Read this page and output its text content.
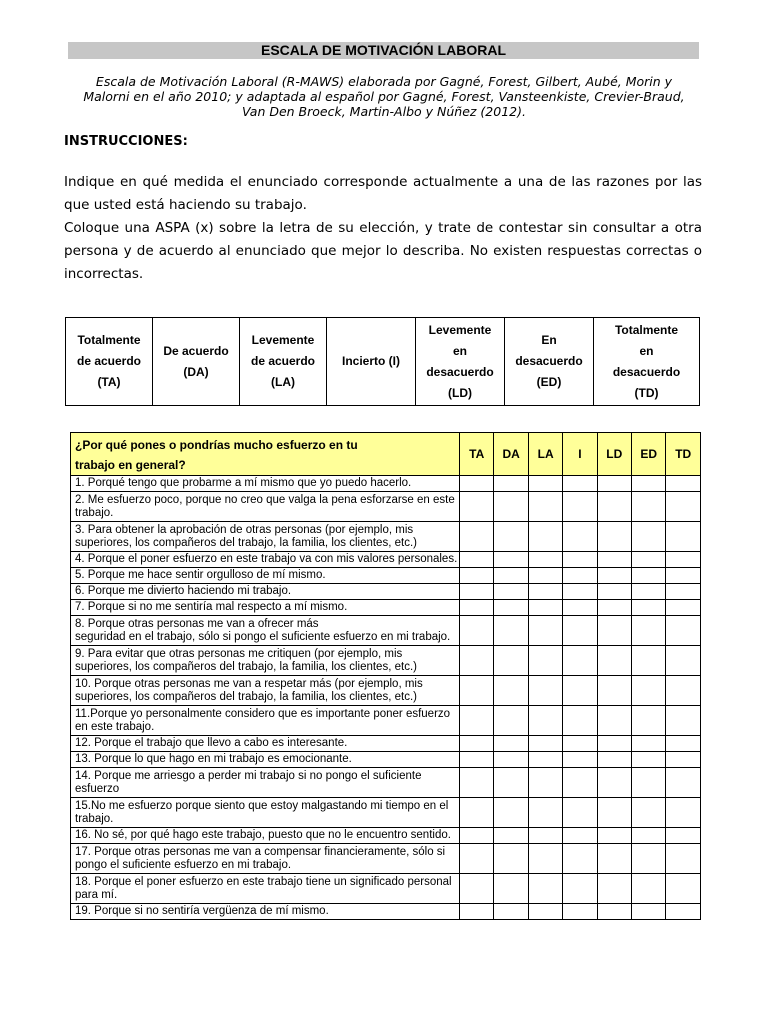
ESCALA DE MOTIVACIÓN LABORAL
Escala de Motivación Laboral (R-MAWS) elaborada por Gagné, Forest, Gilbert, Aubé, Morin y
Malorni en el año 2010; y adaptada al español por Gagné, Forest, Vansteenkiste, Crevier-Braud,
Van Den Broeck, Martin-Albo y Núñez (2012).
INSTRUCCIONES:

Indique en qué medida el enunciado corresponde actualmente a una de las razones por las que usted está haciendo su trabajo.

Coloque una ASPA (x) sobre la letra de su elección, y trate de contestar sin consultar a otra persona y de acuerdo al enunciado que mejor lo describa. No existen respuestas correctas o incorrectas.

Totalmente
de acuerdo
(TA)

De acuerdo
(DA)

Levemente
de acuerdo
(LA)

Incierto (I)

Levemente
en
desacuerdo
(LD)

En
desacuerdo
(ED)

Totalmente
en
desacuerdo
(TD)
¿Por qué pones o pondrías mucho esfuerzo en tu
trabajo en general?	TA	DA	LA	I	LD	ED	TD

1. Porqué tengo que probarme a mí mismo que yo puedo hacerlo.							

2. Me esfuerzo poco, porque no creo que valga la pena esforzarse en este
trabajo.							

3. Para obtener la aprobación de otras personas (por ejemplo, mis
superiores, los compañeros del trabajo, la familia, los clientes, etc.)							

4. Porque el poner esfuerzo en este trabajo va con mis valores personales.							

5. Porque me hace sentir orgulloso de mí mismo.							

6. Porque me divierto haciendo mi trabajo.							

7. Porque si no me sentiría mal respecto a mí mismo.							

8. Porque otras personas me van a ofrecer más
seguridad en el trabajo, sólo si pongo el suficiente esfuerzo en mi trabajo.							

9. Para evitar que otras personas me critiquen (por ejemplo, mis
superiores, los compañeros del trabajo, la familia, los clientes, etc.)							

10. Porque otras personas me van a respetar más (por ejemplo, mis
superiores, los compañeros del trabajo, la familia, los clientes, etc.)							

11.Porque yo personalmente considero que es importante poner esfuerzo
en este trabajo.							

12. Porque el trabajo que llevo a cabo es interesante.							

13. Porque lo que hago en mi trabajo es emocionante.							

14. Porque me arriesgo a perder mi trabajo si no pongo el suficiente
esfuerzo							

15.No me esfuerzo porque siento que estoy malgastando mi tiempo en el
trabajo.							

16. No sé, por qué hago este trabajo, puesto que no le encuentro sentido.							

17. Porque otras personas me van a compensar financieramente, sólo si
pongo el suficiente esfuerzo en mi trabajo.							

18. Porque el poner esfuerzo en este trabajo tiene un significado personal
para mí.							

19. Porque si no sentiría vergüenza de mí mismo.							
